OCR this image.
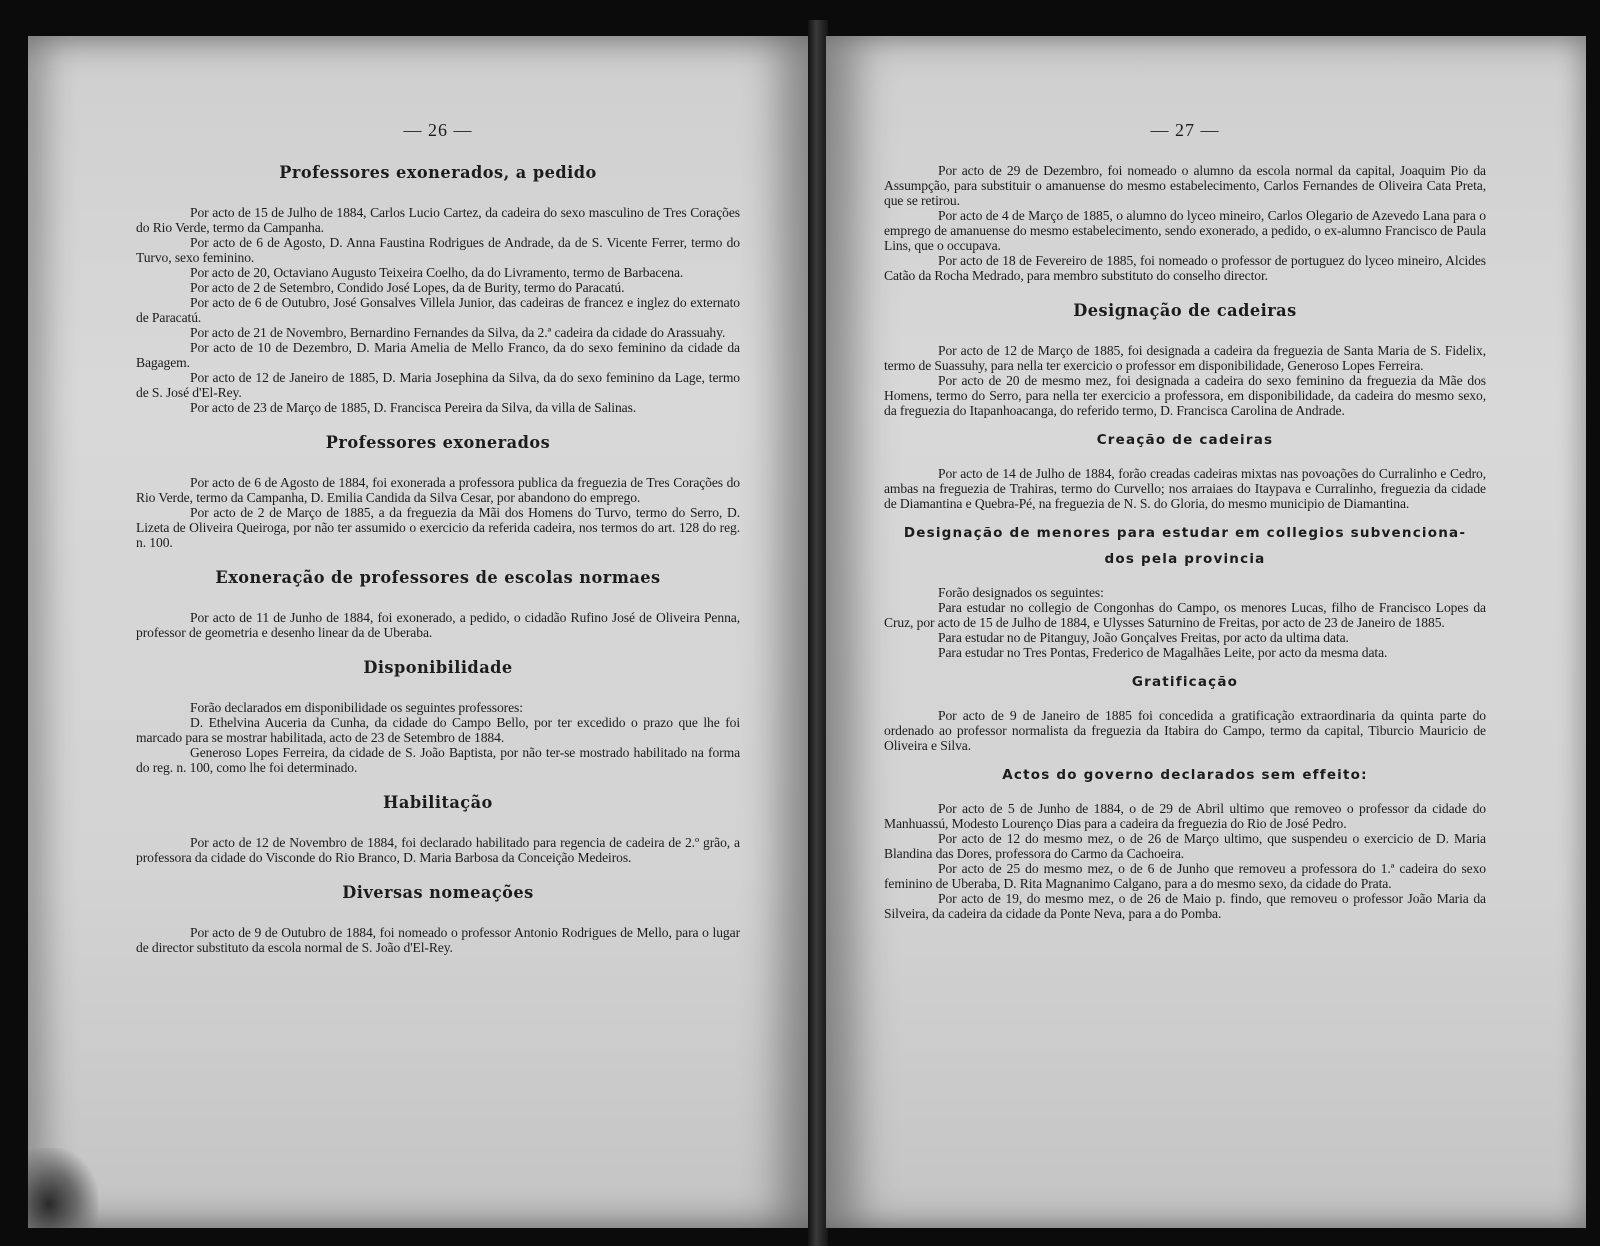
— 26 —
Professores exonerados, a pedido

Por acto de 15 de Julho de 1884, Carlos Lucio Cartez, da cadeira do sexo masculino de Tres Corações do Rio Verde, termo da Campanha.

Por acto de 6 de Agosto, D. Anna Faustina Rodrigues de Andrade, da de S. Vicente Ferrer, termo do Turvo, sexo feminino.

Por acto de 20, Octaviano Augusto Teixeira Coelho, da do Livramento, termo de Barbacena.

Por acto de 2 de Setembro, Condido José Lopes, da de Burity, termo do Paracatú.

Por acto de 6 de Outubro, José Gonsalves Villela Junior, das cadeiras de francez e inglez do externato de Paracatú.

Por acto de 21 de Novembro, Bernardino Fernandes da Silva, da 2.ª cadeira da cidade do Arassuahy.

Por acto de 10 de Dezembro, D. Maria Amelia de Mello Franco, da do sexo feminino da cidade da Bagagem.

Por acto de 12 de Janeiro de 1885, D. Maria Josephina da Silva, da do sexo feminino da Lage, termo de S. José d'El-Rey.

Por acto de 23 de Março de 1885, D. Francisca Pereira da Silva, da villa de Salinas.

Professores exonerados

Por acto de 6 de Agosto de 1884, foi exonerada a professora publica da freguezia de Tres Corações do Rio Verde, termo da Campanha, D. Emilia Candida da Silva Cesar, por abandono do emprego.

Por acto de 2 de Março de 1885, a da freguezia da Mãi dos Homens do Turvo, termo do Serro, D. Lizeta de Oliveira Queiroga, por não ter assumido o exercicio da referida cadeira, nos termos do art. 128 do reg. n. 100.

Exoneração de professores de escolas normaes

Por acto de 11 de Junho de 1884, foi exonerado, a pedido, o cidadão Rufino José de Oliveira Penna, professor de geometria e desenho linear da de Uberaba.

Disponibilidade

Forão declarados em disponibilidade os seguintes professores:

D. Ethelvina Auceria da Cunha, da cidade do Campo Bello, por ter excedido o prazo que lhe foi marcado para se mostrar habilitada, acto de 23 de Setembro de 1884.

Generoso Lopes Ferreira, da cidade de S. João Baptista, por não ter-se mostrado habilitado na forma do reg. n. 100, como lhe foi determinado.

Habilitação

Por acto de 12 de Novembro de 1884, foi declarado habilitado para regencia de cadeira de 2.º grão, a professora da cidade do Visconde do Rio Branco, D. Maria Barbosa da Conceição Medeiros.

Diversas nomeações

Por acto de 9 de Outubro de 1884, foi nomeado o professor Antonio Rodrigues de Mello, para o lugar de director substituto da escola normal de S. João d'El-Rey.

— 27 —

Por acto de 29 de Dezembro, foi nomeado o alumno da escola normal da capital, Joaquim Pio da Assumpção, para substituir o amanuense do mesmo estabelecimento, Carlos Fernandes de Oliveira Cata Preta, que se retirou.

Por acto de 4 de Março de 1885, o alumno do lyceo mineiro, Carlos Olegario de Azevedo Lana para o emprego de amanuense do mesmo estabelecimento, sendo exonerado, a pedido, o ex-alumno Francisco de Paula Lins, que o occupava.

Por acto de 18 de Fevereiro de 1885, foi nomeado o professor de portuguez do lyceo mineiro, Alcides Catão da Rocha Medrado, para membro substituto do conselho director.

Designação de cadeiras

Por acto de 12 de Março de 1885, foi designada a cadeira da freguezia de Santa Maria de S. Fidelix, termo de Suassuhy, para nella ter exercicio o professor em disponibilidade, Generoso Lopes Ferreira.

Por acto de 20 de mesmo mez, foi designada a cadeira do sexo feminino da freguezia da Mãe dos Homens, termo do Serro, para nella ter exercicio a professora, em disponibilidade, da cadeira do mesmo sexo, da freguezia do Itapanhoacanga, do referido termo, D. Francisca Carolina de Andrade.

Creação de cadeiras

Por acto de 14 de Julho de 1884, forão creadas cadeiras mixtas nas povoações do Curralinho e Cedro, ambas na freguezia de Trahiras, termo do Curvello; nos arraiaes do Itaypava e Curralinho, freguezia da cidade de Diamantina e Quebra-Pé, na freguezia de N. S. do Gloria, do mesmo municipio de Diamantina.

Designação de menores para estudar em collegios subvenciona-
dos pela provincia

Forão designados os seguintes:

Para estudar no collegio de Congonhas do Campo, os menores Lucas, filho de Francisco Lopes da Cruz, por acto de 15 de Julho de 1884, e Ulysses Saturnino de Freitas, por acto de 23 de Janeiro de 1885.

Para estudar no de Pitanguy, João Gonçalves Freitas, por acto da ultima data.

Para estudar no Tres Pontas, Frederico de Magalhães Leite, por acto da mesma data.

Gratificação

Por acto de 9 de Janeiro de 1885 foi concedida a gratificação extraordinaria da quinta parte do ordenado ao professor normalista da freguezia da Itabira do Campo, termo da capital, Tiburcio Mauricio de Oliveira e Silva.

Actos do governo declarados sem effeito:

Por acto de 5 de Junho de 1884, o de 29 de Abril ultimo que removeo o professor da cidade do Manhuassú, Modesto Lourenço Dias para a cadeira da freguezia do Rio de José Pedro.

Por acto de 12 do mesmo mez, o de 26 de Março ultimo, que suspendeu o exercicio de D. Maria Blandina das Dores, professora do Carmo da Cachoeira.

Por acto de 25 do mesmo mez, o de 6 de Junho que removeu a professora do 1.ª cadeira do sexo feminino de Uberaba, D. Rita Magnanimo Calgano, para a do mesmo sexo, da cidade do Prata.

Por acto de 19, do mesmo mez, o de 26 de Maio p. findo, que removeu o professor João Maria da Silveira, da cadeira da cidade da Ponte Neva, para a do Pomba.
